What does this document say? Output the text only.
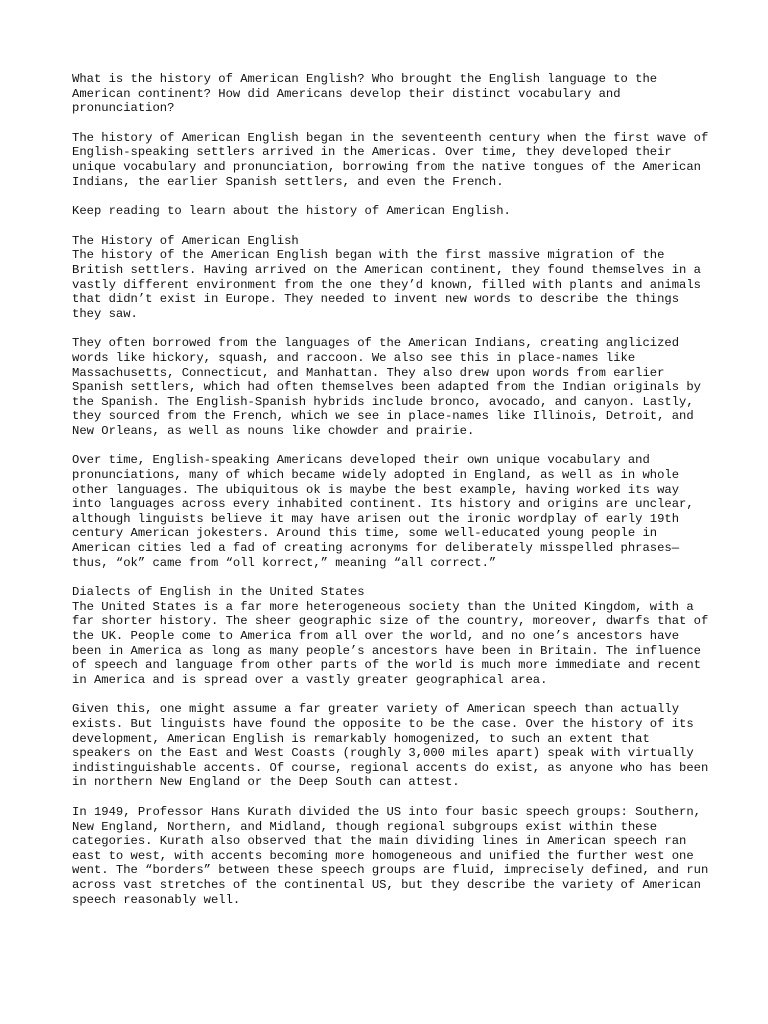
What is the history of American English? Who brought the English language to the American continent? How did Americans develop their distinct vocabulary and pronunciation?

The history of American English began in the seventeenth century when the first wave of English-speaking settlers arrived in the Americas. Over time, they developed their unique vocabulary and pronunciation, borrowing from the native tongues of the American Indians, the earlier Spanish settlers, and even the French.

Keep reading to learn about the history of American English.

The History of American English
The history of the American English began with the first massive migration of the British settlers. Having arrived on the American continent, they found themselves in a vastly different environment from the one they’d known, filled with plants and animals that didn’t exist in Europe. They needed to invent new words to describe the things they saw.

They often borrowed from the languages of the American Indians, creating anglicized words like hickory, squash, and raccoon. We also see this in place-names like Massachusetts, Connecticut, and Manhattan. They also drew upon words from earlier Spanish settlers, which had often themselves been adapted from the Indian originals by the Spanish. The English-Spanish hybrids include bronco, avocado, and canyon. Lastly, they sourced from the French, which we see in place-names like Illinois, Detroit, and New Orleans, as well as nouns like chowder and prairie.

Over time, English-speaking Americans developed their own unique vocabulary and pronunciations, many of which became widely adopted in England, as well as in whole other languages. The ubiquitous ok is maybe the best example, having worked its way into languages across every inhabited continent. Its history and origins are unclear, although linguists believe it may have arisen out the ironic wordplay of early 19th century American jokesters. Around this time, some well-educated young people in American cities led a fad of creating acronyms for deliberately misspelled phrases—thus, “ok” came from “oll korrect,” meaning “all correct.”

Dialects of English in the United States
The United States is a far more heterogeneous society than the United Kingdom, with a far shorter history. The sheer geographic size of the country, moreover, dwarfs that of the UK. People come to America from all over the world, and no one’s ancestors have been in America as long as many people’s ancestors have been in Britain. The influence of speech and language from other parts of the world is much more immediate and recent in America and is spread over a vastly greater geographical area.

Given this, one might assume a far greater variety of American speech than actually exists. But linguists have found the opposite to be the case. Over the history of its development, American English is remarkably homogenized, to such an extent that speakers on the East and West Coasts (roughly 3,000 miles apart) speak with virtually indistinguishable accents. Of course, regional accents do exist, as anyone who has been in northern New England or the Deep South can attest.

In 1949, Professor Hans Kurath divided the US into four basic speech groups: Southern, New England, Northern, and Midland, though regional subgroups exist within these categories. Kurath also observed that the main dividing lines in American speech ran east to west, with accents becoming more homogeneous and unified the further west one went. The “borders” between these speech groups are fluid, imprecisely defined, and run across vast stretches of the continental US, but they describe the variety of American speech reasonably well.
